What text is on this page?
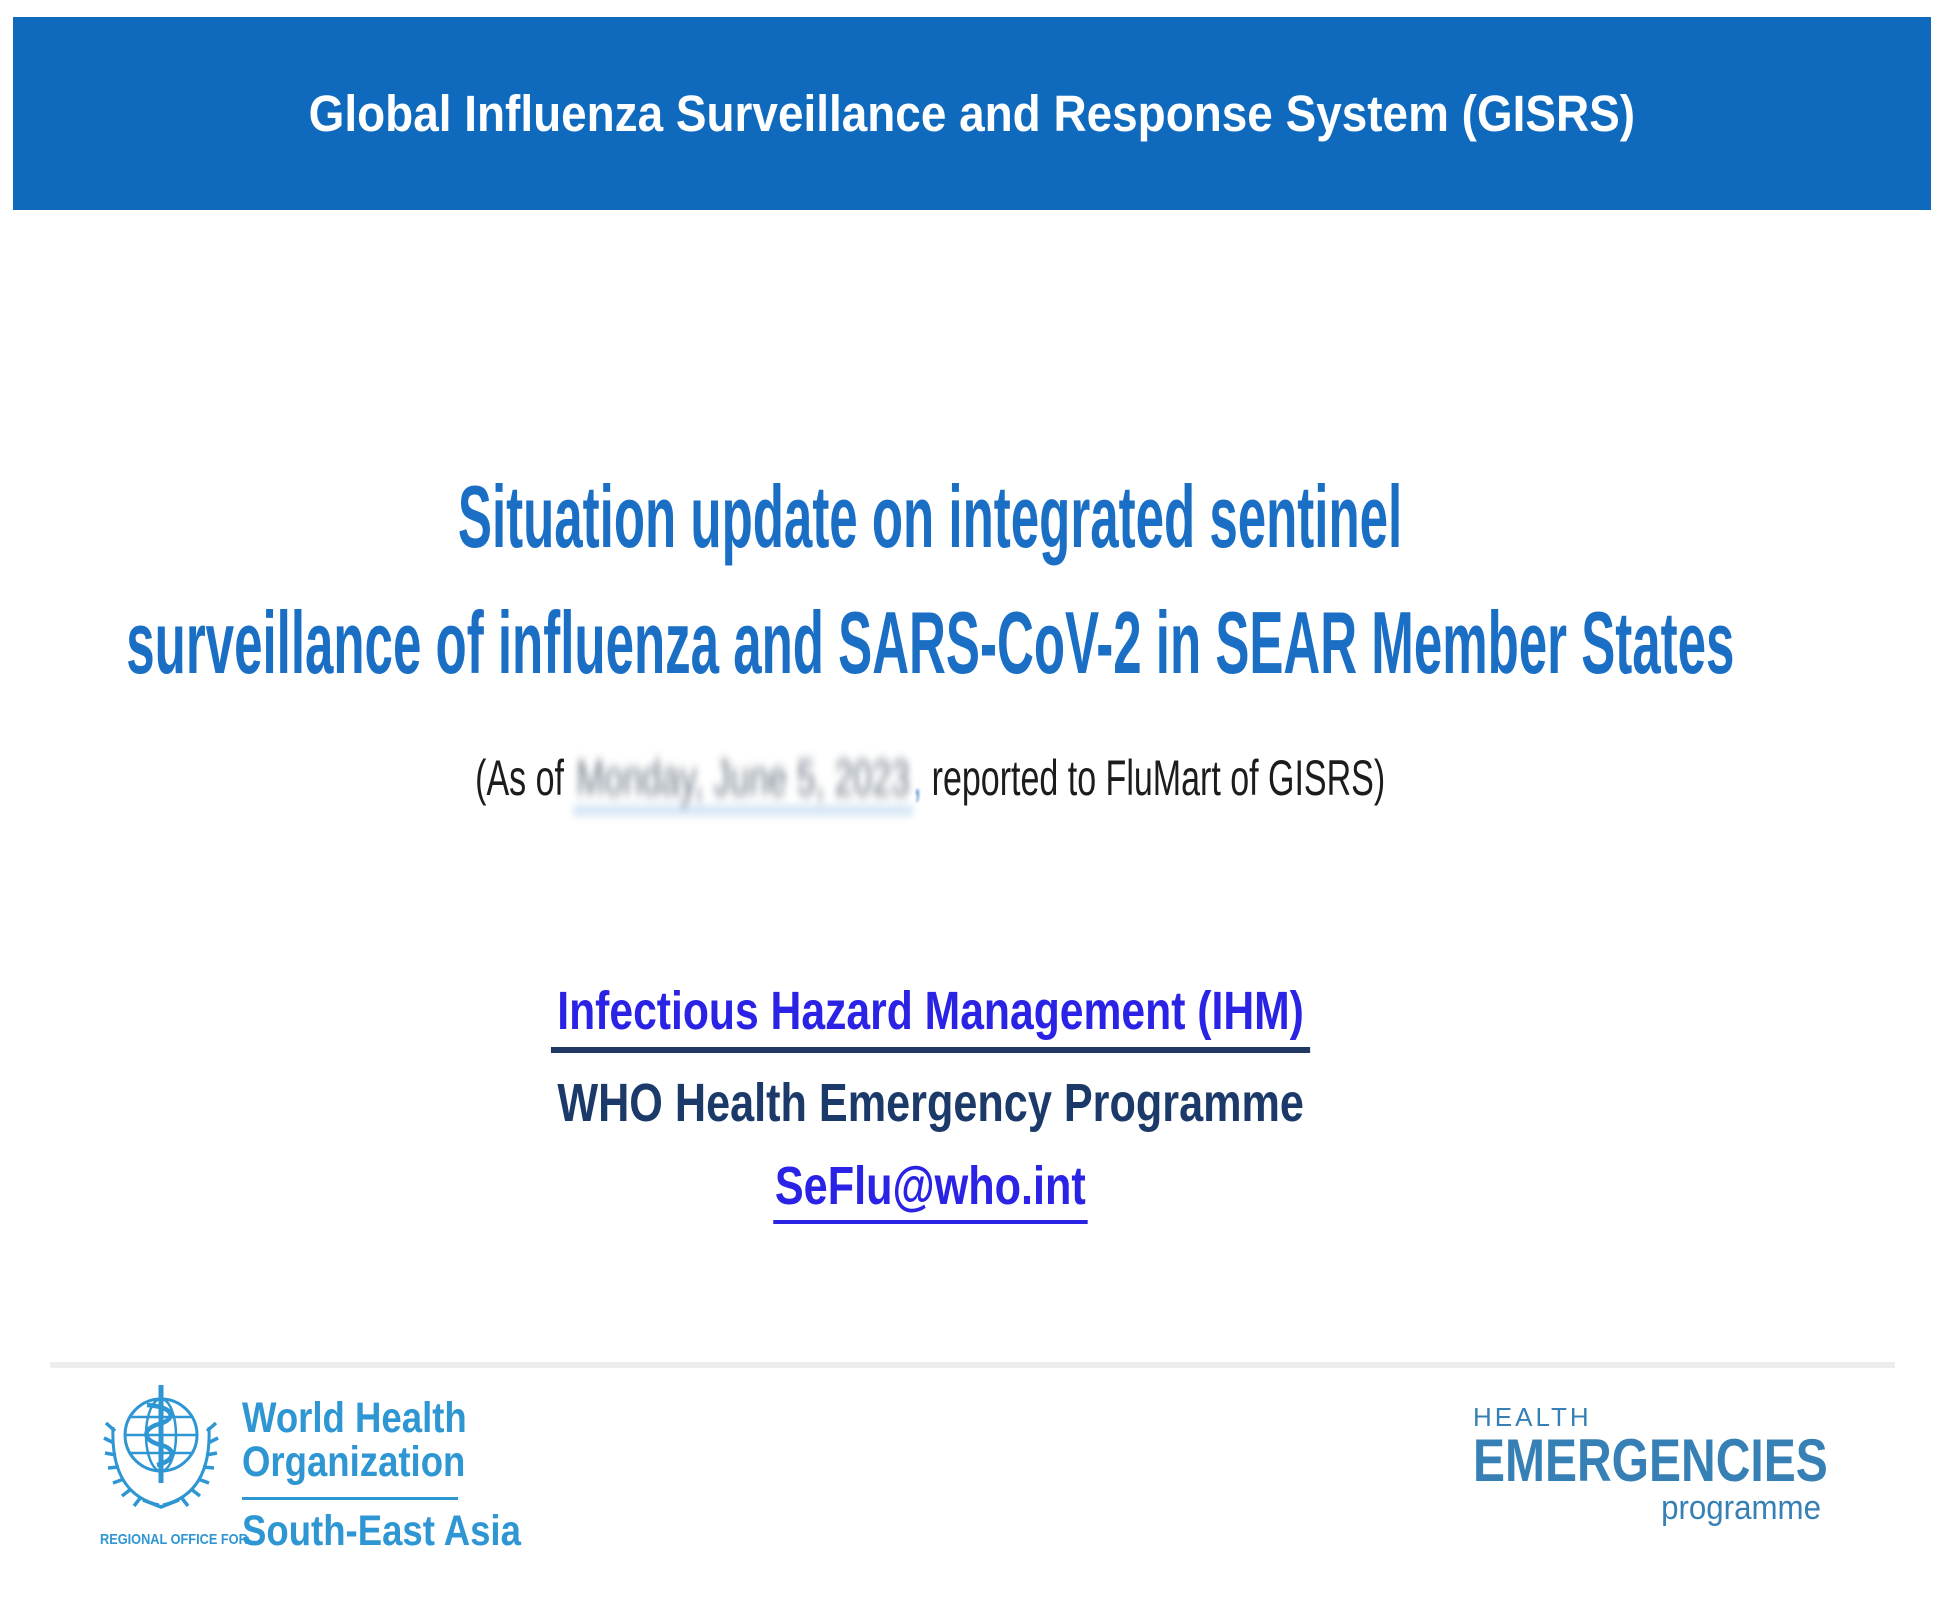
Global Influenza Surveillance and Response System (GISRS)
Situation update on integrated sentinel
surveillance of influenza and SARS-CoV-2 in SEAR Member States
(As of Monday, June 5, 2023, reported to FluMart of GISRS)
Infectious Hazard Management (IHM)
WHO Health Emergency Programme
SeFlu@who.int
REGIONAL OFFICE FOR
World Health
Organization
South-East Asia
HEALTH
EMERGENCIES
programme
